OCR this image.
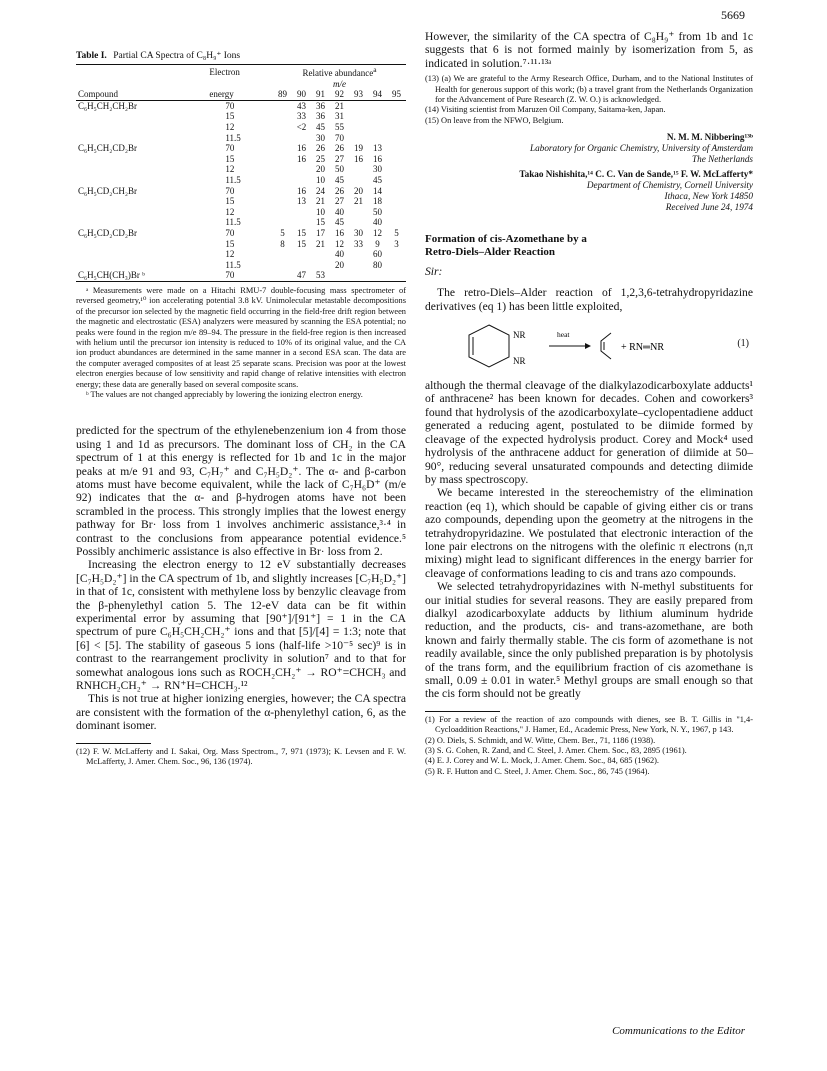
5669
Table I. Partial CA Spectra of C₈H₉⁺ Ions
Compound	Electron	Relative abundance$^a$
		m/e						
	energy	89	90	91	92	93	94	95
C₆H₅CH₂CH₂Br	70		43	36	21			
	15		33	36	31			
	12		<2	45	55			
	11.5			30	70			
C₆H₅CH₂CD₂Br	70		16	26	26	19	13	
	15		16	25	27	16	16	
	12			20	50		30	
	11.5			10	45		45	
C₆H₅CD₂CH₂Br	70		16	24	26	20	14	
	15		13	21	27	21	18	
	12			10	40		50	
	11.5			15	45		40	
C₆H₅CD₂CD₂Br	70	5	15	17	16	30	12	5
	15	8	15	21	12	33	9	3
	12				40		60	
	11.5				20		80	
C₆H₅CH(CH₃)Br ᵇ	70		47	53				

ᵃ Measurements were made on a Hitachi RMU-7 double-focusing mass spectrometer of reversed geometry,¹⁰ ion accelerating potential 3.8 kV. Unimolecular metastable decompositions of the precursor ion selected by the magnetic field occurring in the field-free drift region between the magnetic and electrostatic (ESA) analyzers were measured by scanning the ESA potential; no peaks were found in the region m/e 89–94. The pressure in the field-free region is then increased with helium until the precursor ion intensity is reduced to 10% of its original value, and the CA ion product abundances are determined in the same manner in a second ESA scan. The data are the computer averaged composites of at least 25 separate scans. Precision was poor at the lowest electron energies because of low sensitivity and rapid change of relative intensities with electron energy; these data are generally based on several composite scans.

ᵇ The values are not changed appreciably by lowering the ionizing electron energy.

predicted for the spectrum of the ethylenebenzenium ion 4 from those using 1 and 1d as precursors. The dominant loss of CH₂ in the CA spectrum of 1 at this energy is reflected for 1b and 1c in the major peaks at m/e 91 and 93, C₇H₇⁺ and C₇H₅D₂⁺. The α- and β-carbon atoms must have become equivalent, while the lack of C₇H₆D⁺ (m/e 92) indicates that the α- and β-hydrogen atoms have not been scrambled in the process. This strongly implies that the lowest energy pathway for Br· loss from 1 involves anchimeric assistance,³·⁴ in contrast to the conclusions from appearance potential evidence.⁵ Possibly anchimeric assistance is also effective in Br· loss from 2.

Increasing the electron energy to 12 eV substantially decreases [C₇H₅D₂⁺] in the CA spectrum of 1b, and slightly increases [C₇H₅D₂⁺] in that of 1c, consistent with methylene loss by benzylic cleavage from the β-phenylethyl cation 5. The 12-eV data can be fit within experimental error by assuming that [90⁺]/[91⁺] = 1 in the CA spectrum of pure C₆H₅CH₂CH₂⁺ ions and that [5]/[4] = 1:3; note that [6] < [5]. The stability of gaseous 5 ions (half-life >10⁻⁵ sec)⁹ is in contrast to the rearrangement proclivity in solution⁷ and to that for somewhat analogous ions such as ROCH₂CH₂⁺ → RO⁺=CHCH₃ and RNHCH₂CH₂⁺ → RN⁺H=CHCH₃.¹²

This is not true at higher ionizing energies, however; the CA spectra are consistent with the formation of the α-phenylethyl cation, 6, as the dominant isomer.

(12) F. W. McLafferty and I. Sakai, Org. Mass Spectrom., 7, 971 (1973); K. Levsen and F. W. McLafferty, J. Amer. Chem. Soc., 96, 136 (1974).

However, the similarity of the CA spectra of C₈H₉⁺ from 1b and 1c suggests that 6 is not formed mainly by isomerization from 5, as indicated in solution.⁷·¹¹·¹³ᵃ

(13) (a) We are grateful to the Army Research Office, Durham, and to the National Institutes of Health for generous support of this work; (b) a travel grant from the Netherlands Organization for the Advancement of Pure Research (Z. W. O.) is acknowledged.

(14) Visiting scientist from Maruzen Oil Company, Saitama-ken, Japan.

(15) On leave from the NFWO, Belgium.

N. M. M. Nibbering¹³ᵇ
Laboratory for Organic Chemistry, University of Amsterdam
The Netherlands
Takao Nishishita,¹⁴ C. C. Van de Sande,¹⁵ F. W. McLafferty*
Department of Chemistry, Cornell University
Ithaca, New York 14850
Received June 24, 1974
Formation of cis-Azomethane by a
Retro-Diels–Alder Reaction
Sir:

The retro-Diels–Alder reaction of 1,2,3,6-tetrahydropyridazine derivatives (eq 1) has been little exploited,

NR
NR
heat
+ RN═NR	(1)

although the thermal cleavage of the dialkylazodicarboxylate adducts¹ of anthracene² has been known for decades. Cohen and coworkers³ found that hydrolysis of the azodicarboxylate–cyclopentadiene adduct generated a reducing agent, postulated to be diimide formed by cleavage of the expected hydrolysis product. Corey and Mock⁴ used hydrolysis of the anthracene adduct for generation of diimide at 50–90°, reducing several unsaturated compounds and detecting diimide by mass spectroscopy.

We became interested in the stereochemistry of the elimination reaction (eq 1), which should be capable of giving either cis or trans azo compounds, depending upon the geometry at the nitrogens in the tetrahydropyridazine. We postulated that electronic interaction of the lone pair electrons on the nitrogens with the olefinic π electrons (n,π mixing) might lead to significant differences in the energy barrier for cleavage of conformations leading to cis and trans azo compounds.

We selected tetrahydropyridazines with N-methyl substituents for our initial studies for several reasons. They are easily prepared from dialkyl azodicarboxylate adducts by lithium aluminum hydride reduction, and the products, cis- and trans-azomethane, are both known and fairly thermally stable. The cis form of azomethane is not readily available, since the only published preparation is by photolysis of the trans form, and the equilibrium fraction of cis azomethane is small, 0.09 ± 0.01 in water.⁵ Methyl groups are small enough so that the cis form should not be greatly

(1) For a review of the reaction of azo compounds with dienes, see B. T. Gillis in "1,4-Cycloaddition Reactions," J. Hamer, Ed., Academic Press, New York, N. Y., 1967, p 143.

(2) O. Diels, S. Schmidt, and W. Witte, Chem. Ber., 71, 1186 (1938).

(3) S. G. Cohen, R. Zand, and C. Steel, J. Amer. Chem. Soc., 83, 2895 (1961).

(4) E. J. Corey and W. L. Mock, J. Amer. Chem. Soc., 84, 685 (1962).

(5) R. F. Hutton and C. Steel, J. Amer. Chem. Soc., 86, 745 (1964).

Communications to the Editor
